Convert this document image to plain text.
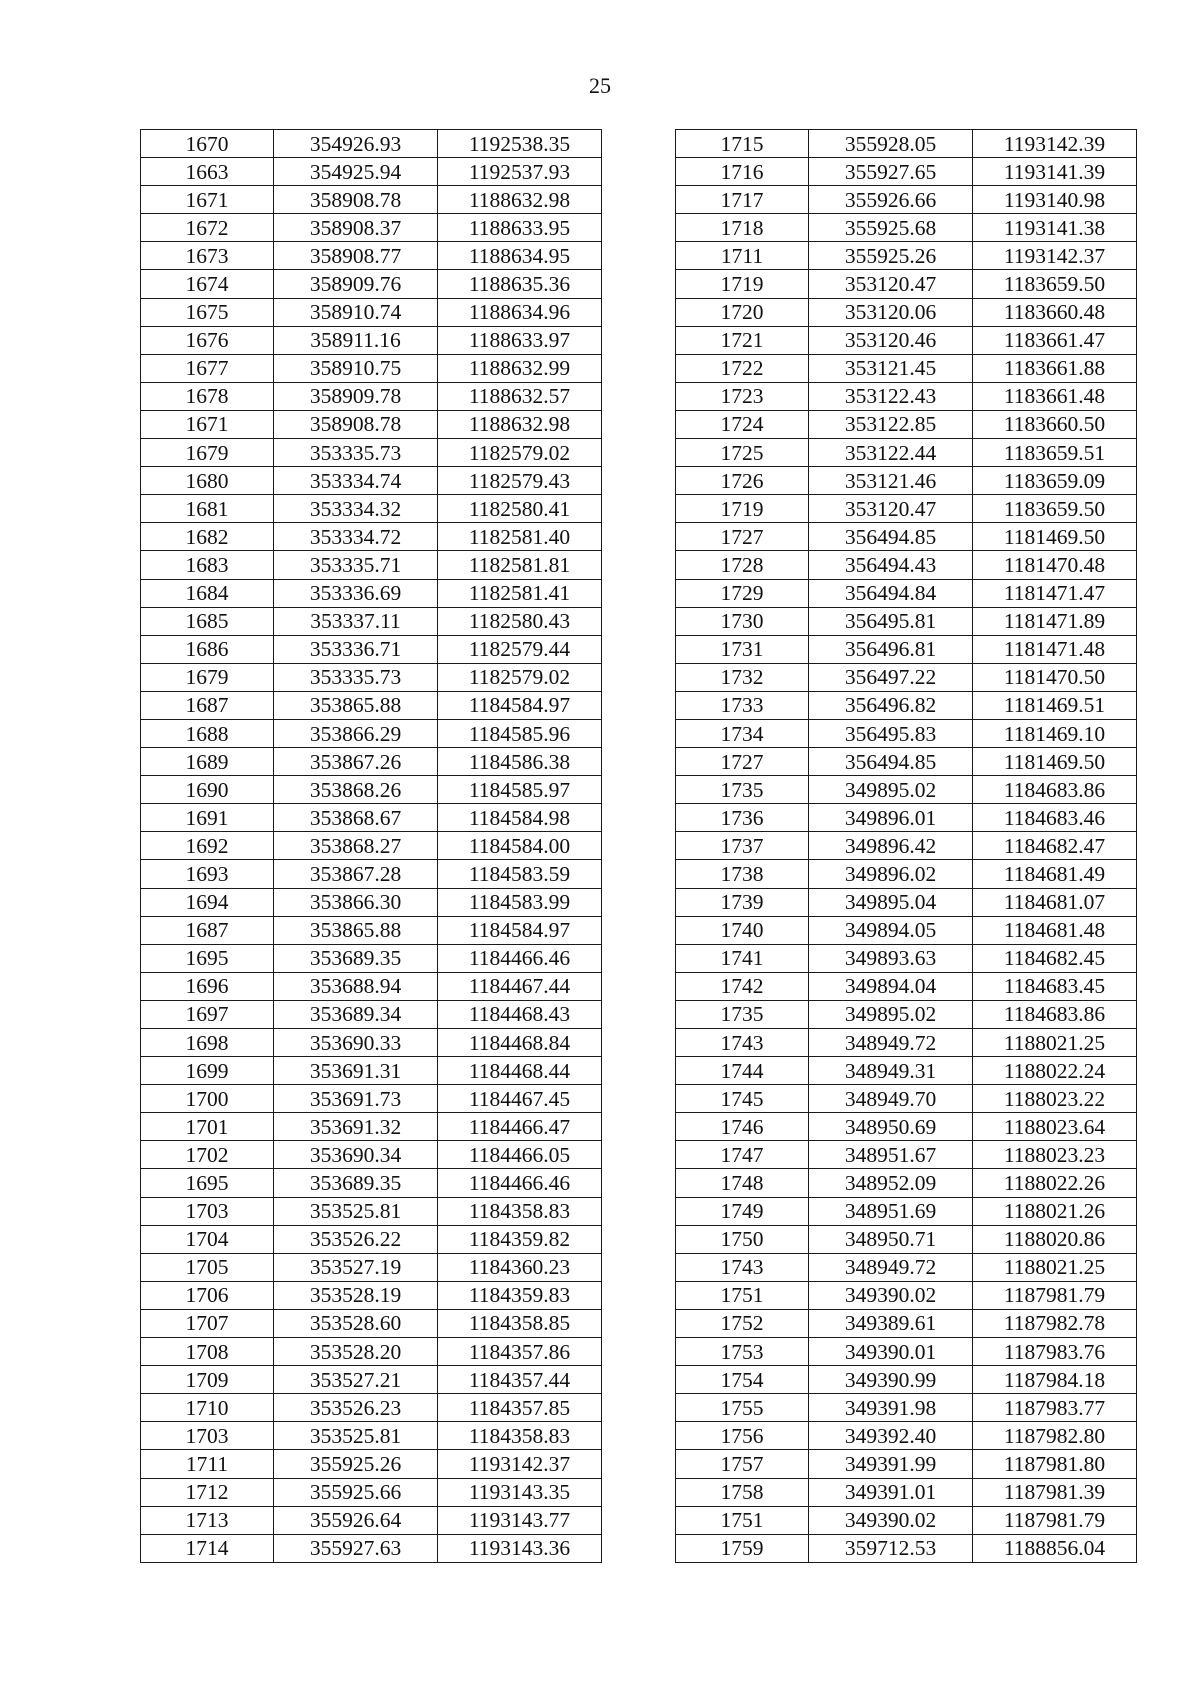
25
1670	354926.93	1192538.35
1663	354925.94	1192537.93
1671	358908.78	1188632.98
1672	358908.37	1188633.95
1673	358908.77	1188634.95
1674	358909.76	1188635.36
1675	358910.74	1188634.96
1676	358911.16	1188633.97
1677	358910.75	1188632.99
1678	358909.78	1188632.57
1671	358908.78	1188632.98
1679	353335.73	1182579.02
1680	353334.74	1182579.43
1681	353334.32	1182580.41
1682	353334.72	1182581.40
1683	353335.71	1182581.81
1684	353336.69	1182581.41
1685	353337.11	1182580.43
1686	353336.71	1182579.44
1679	353335.73	1182579.02
1687	353865.88	1184584.97
1688	353866.29	1184585.96
1689	353867.26	1184586.38
1690	353868.26	1184585.97
1691	353868.67	1184584.98
1692	353868.27	1184584.00
1693	353867.28	1184583.59
1694	353866.30	1184583.99
1687	353865.88	1184584.97
1695	353689.35	1184466.46
1696	353688.94	1184467.44
1697	353689.34	1184468.43
1698	353690.33	1184468.84
1699	353691.31	1184468.44
1700	353691.73	1184467.45
1701	353691.32	1184466.47
1702	353690.34	1184466.05
1695	353689.35	1184466.46
1703	353525.81	1184358.83
1704	353526.22	1184359.82
1705	353527.19	1184360.23
1706	353528.19	1184359.83
1707	353528.60	1184358.85
1708	353528.20	1184357.86
1709	353527.21	1184357.44
1710	353526.23	1184357.85
1703	353525.81	1184358.83
1711	355925.26	1193142.37
1712	355925.66	1193143.35
1713	355926.64	1193143.77
1714	355927.63	1193143.36
1715	355928.05	1193142.39
1716	355927.65	1193141.39
1717	355926.66	1193140.98
1718	355925.68	1193141.38
1711	355925.26	1193142.37
1719	353120.47	1183659.50
1720	353120.06	1183660.48
1721	353120.46	1183661.47
1722	353121.45	1183661.88
1723	353122.43	1183661.48
1724	353122.85	1183660.50
1725	353122.44	1183659.51
1726	353121.46	1183659.09
1719	353120.47	1183659.50
1727	356494.85	1181469.50
1728	356494.43	1181470.48
1729	356494.84	1181471.47
1730	356495.81	1181471.89
1731	356496.81	1181471.48
1732	356497.22	1181470.50
1733	356496.82	1181469.51
1734	356495.83	1181469.10
1727	356494.85	1181469.50
1735	349895.02	1184683.86
1736	349896.01	1184683.46
1737	349896.42	1184682.47
1738	349896.02	1184681.49
1739	349895.04	1184681.07
1740	349894.05	1184681.48
1741	349893.63	1184682.45
1742	349894.04	1184683.45
1735	349895.02	1184683.86
1743	348949.72	1188021.25
1744	348949.31	1188022.24
1745	348949.70	1188023.22
1746	348950.69	1188023.64
1747	348951.67	1188023.23
1748	348952.09	1188022.26
1749	348951.69	1188021.26
1750	348950.71	1188020.86
1743	348949.72	1188021.25
1751	349390.02	1187981.79
1752	349389.61	1187982.78
1753	349390.01	1187983.76
1754	349390.99	1187984.18
1755	349391.98	1187983.77
1756	349392.40	1187982.80
1757	349391.99	1187981.80
1758	349391.01	1187981.39
1751	349390.02	1187981.79
1759	359712.53	1188856.04
